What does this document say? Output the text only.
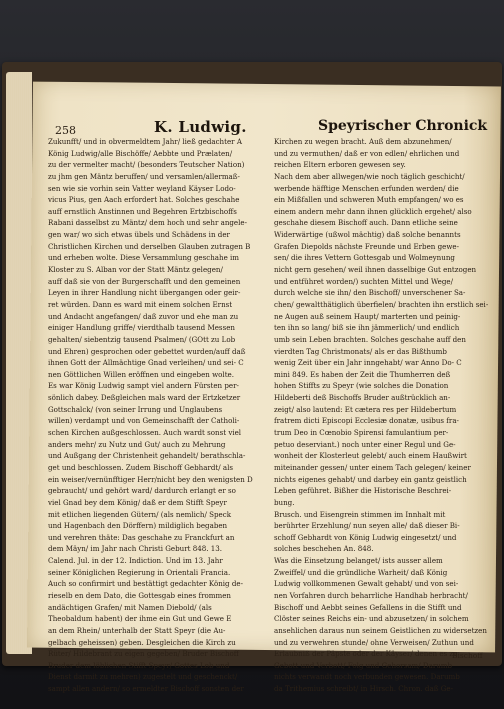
258	K. Ludwig.	Speyrischer Chronick
Zukunfft/ und in obvermeldtem Jahr/ ließ gedachter A
König Ludwig/alle Bischöffe/ Aebbte und Prælaten/
zu der vermelter macht/ (besonders Teutscher Nation)
zu jhm gen Mäntz beruffen/ und versamlen/allermaß-
sen wie sie vorhin sein Vatter weyland Käyser Lodo-
vicus Pius, gen Aach erfordert hat. Solches geschahe
auff ernstlich Anstinnen und Begehren Ertzbischoffs
Rabani dasselbst zu Mäntz/ dem hoch und sehr angele-
gen war/ wo sich etwas übels und Schädens in der
Christlichen Kirchen und derselben Glauben zutragen B
und erheben wolte. Diese Versammlung geschahe im
Kloster zu S. Alban vor der Statt Mäntz gelegen/
auff daß sie von der Burgerschafft und den gemeinen
Leyen in ihrer Handlung nicht übergangen oder geir-
ret würden. Dann es ward mit einem solchen Ernst
und Andacht angefangen/ daß zuvor und ehe man zu
einiger Handlung griffe/ vierdthalb tausend Messen
gehalten/ siebentzig tausend Psalmen/ (GOtt zu Lob
und Ehren) gesprochen oder gebettet wurden/auff daß
ihnen Gott der Allmächtige Gnad verleihen/ und sei- C
nen Göttlichen Willen eröffnen und eingeben wolte.
Es war König Ludwig sampt viel andern Fürsten per-
sönlich dabey. Deßgleichen mals ward der Ertzketzer
Gottschalck/ (von seiner Irrung und Unglaubens
willen) verdampt und von Gemeinschafft der Catholi-
schen Kirchen außgeschlossen. Auch wardt sonst viel
anders mehr/ zu Nutz und Gut/ auch zu Mehrung
und Außgang der Christenheit gehandelt/ berathschla-
get und beschlossen. Zudem Bischoff Gebhardt/ als
ein weiser/vernünfftiger Herr/nicht bey den wenigsten D
gebraucht/ und gehört ward/ dardurch erlangt er so
viel Gnad bey dem König/ daß er dem Stifft Speyr
mit etlichen liegenden Gütern/ (als nemlich/ Speck
und Hagenbach den Dörffern) mildiglich begaben
und verehren thäte: Das geschahe zu Franckfurt an
dem Mäyn/ im Jahr nach Christi Geburt 848. 13.
Calend. Jul. in der 12. Indiction. Und im 13. Jahr
seiner Königlichen Regierung in Orientali Francia.
Auch so confirmirt und bestättigt gedachter König de-
rieselb en dem Dato, die Gottesgab eines frommen
andächtigen Grafen/ mit Namen Diebold/ (als
Theobaldum habent) der ihme ein Gut und Gewe E
an dem Rhein/ unterhalb der Statt Speyr (die Au-
gelbach geheissen) geben. Desgleichen die Kirch zu
Rüter/ Hildebrant zu eigen gegeben/ Bruder Bischoff
Bruder dem löblichen Stifft Speyr/ Gottes Lob und
Dienst darmit zu mehren) zugestelt und geschenckt/
sampt allen andern/ so ermeldter Bischoff sonsten der
Kirchen zu wegen bracht. Auß dem abzunehmen/
und zu vermuthen/ daß er von edlen/ ehrlichen und
reichen Eltern erboren gewesen sey.
Nach dem aber allwegen/wie noch täglich geschicht/
werbende häfftige Menschen erfunden werden/ die
ein Mißfallen und schweren Muth empfangen/ wo es
einem andern mehr dann ihnen glücklich ergehet/ also
geschahe diesem Bischoff auch. Dann etliche seine
Widerwärtige (ußwol mächtig) daß solche benannts
Grafen Diepolds nächste Freunde und Erben gewe-
sen/ die ihres Vettern Gottesgab und Wolmeynung
nicht gern gesehen/ weil ihnen dasselbige Gut entzogen
und entführet worden/) suchten Mittel und Wege/
durch welche sie ihn/ den Bischoff/ unverschener Sa-
chen/ gewaltthätiglich überfielen/ brachten ihn erstlich sei-
ne Augen auß seinem Haupt/ marterten und peinig-
ten ihn so lang/ biß sie ihn jämmerlich/ und endlich
umb sein Leben brachten. Solches geschahe auff den
vierdten Tag Christmonats/ als er das Bißthumb
wenig Zeit über ein Jahr inngehabt/ war Anno Do- C
mini 849. Es haben der Zeit die Thumherren deß
hohen Stiffts zu Speyr (wie solches die Donation
Hildeberti deß Bischoffs Bruder außtrücklich an-
zeigt/ also lautend: Et cætera res per Hildebertum
fratrem dicti Episcopi Ecclesiæ donatæ, usibus fra-
trum Deo in Cœnobio Spirensi famulantium per-
petuo deserviant.) noch unter einer Regul und Ge-
wonheit der Klosterleut gelebt/ auch einem Haußwirt
miteinander gessen/ unter einem Tach gelegen/ keiner
nichts eigenes gehabt/ und darbey ein gantz geistlich
Leben geführet. Bißher die Historische Beschrei-
bung.
Brusch. und Eisengrein stimmen im Innhalt mit
berührter Erzehlung/ nun seyen alle/ daß dieser Bi-
schoff Gebhardt von König Ludwig eingesetzt/ und
solches beschehen An. 848.
Was die Einsetzung belanget/ ists ausser allem
Zweiffel/ und die gründliche Warheit/ daß König
Ludwig vollkommenen Gewalt gehabt/ und von sei-
nen Vorfahren durch beharrliche Handhab herbracht/
Bischoff und Aebbt seines Gefallens in die Stifft und
Clöster seines Reichs ein- und abzusetzen/ in solchem
ansehlichen daraus nun seinem Geistlichen zu widersetzen
und zu verwehren stunde/ ohne Verweisen/ Zuthun und
Erlaubniß der Päpste oder der Käyser/ denen es zu
Gebott und Verbott/ Folg und Gehorsam/ Darumb
nichts verwandt noch verbunden gewesen. Darumb
da Trithemius schreibt/ in Hirsch. Chron. daß Ge-
Bischoff
